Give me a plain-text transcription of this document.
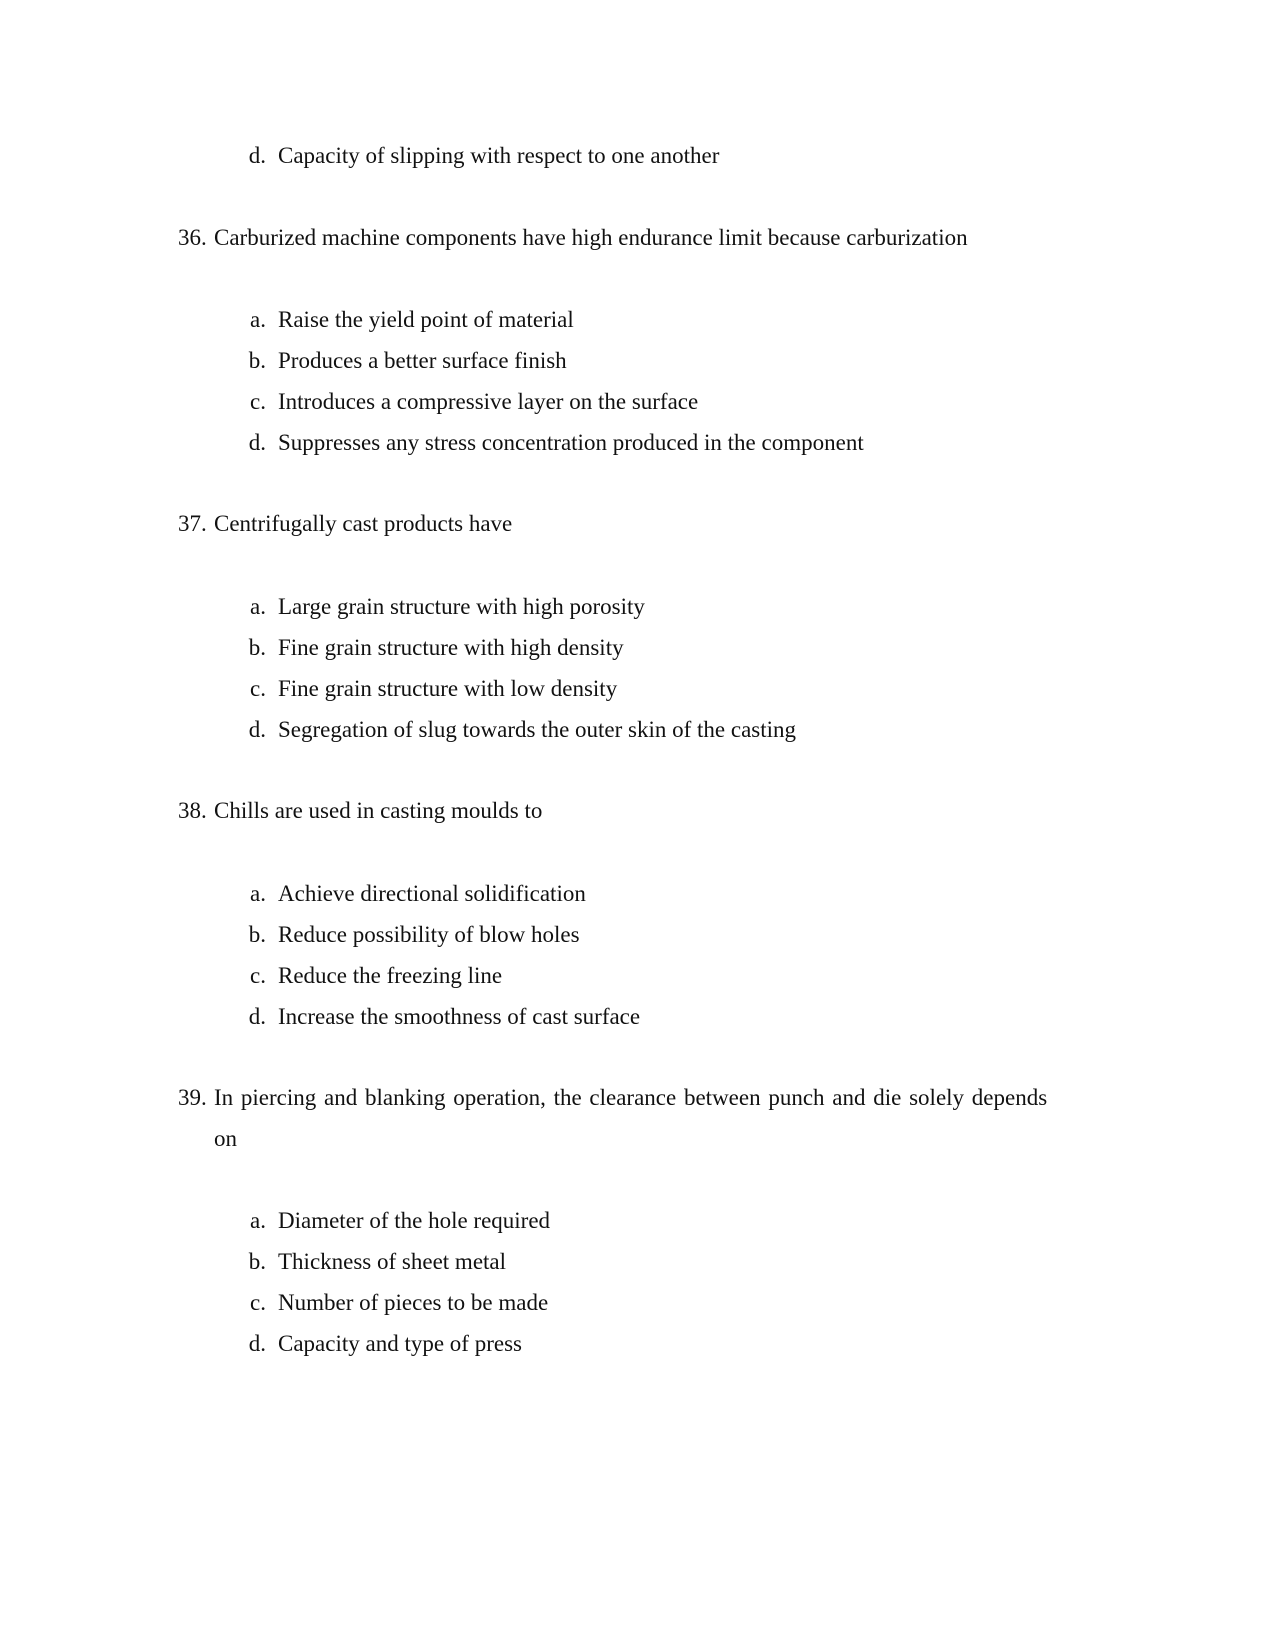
d. Capacity of slipping with respect to one another
36. Carburized machine components have high endurance limit because carburization
a. Raise the yield point of material
b. Produces a better surface finish
c. Introduces a compressive layer on the surface
d. Suppresses any stress concentration produced in the component
37. Centrifugally cast products have
a. Large grain structure with high porosity
b. Fine grain structure with high density
c. Fine grain structure with low density
d. Segregation of slug towards the outer skin of the casting
38. Chills are used in casting moulds to
a. Achieve directional solidification
b. Reduce possibility of blow holes
c. Reduce the freezing line
d. Increase the smoothness of cast surface
39. In piercing and blanking operation, the clearance between punch and die solely depends
on
a. Diameter of the hole required
b. Thickness of sheet metal
c. Number of pieces to be made
d. Capacity and type of press
